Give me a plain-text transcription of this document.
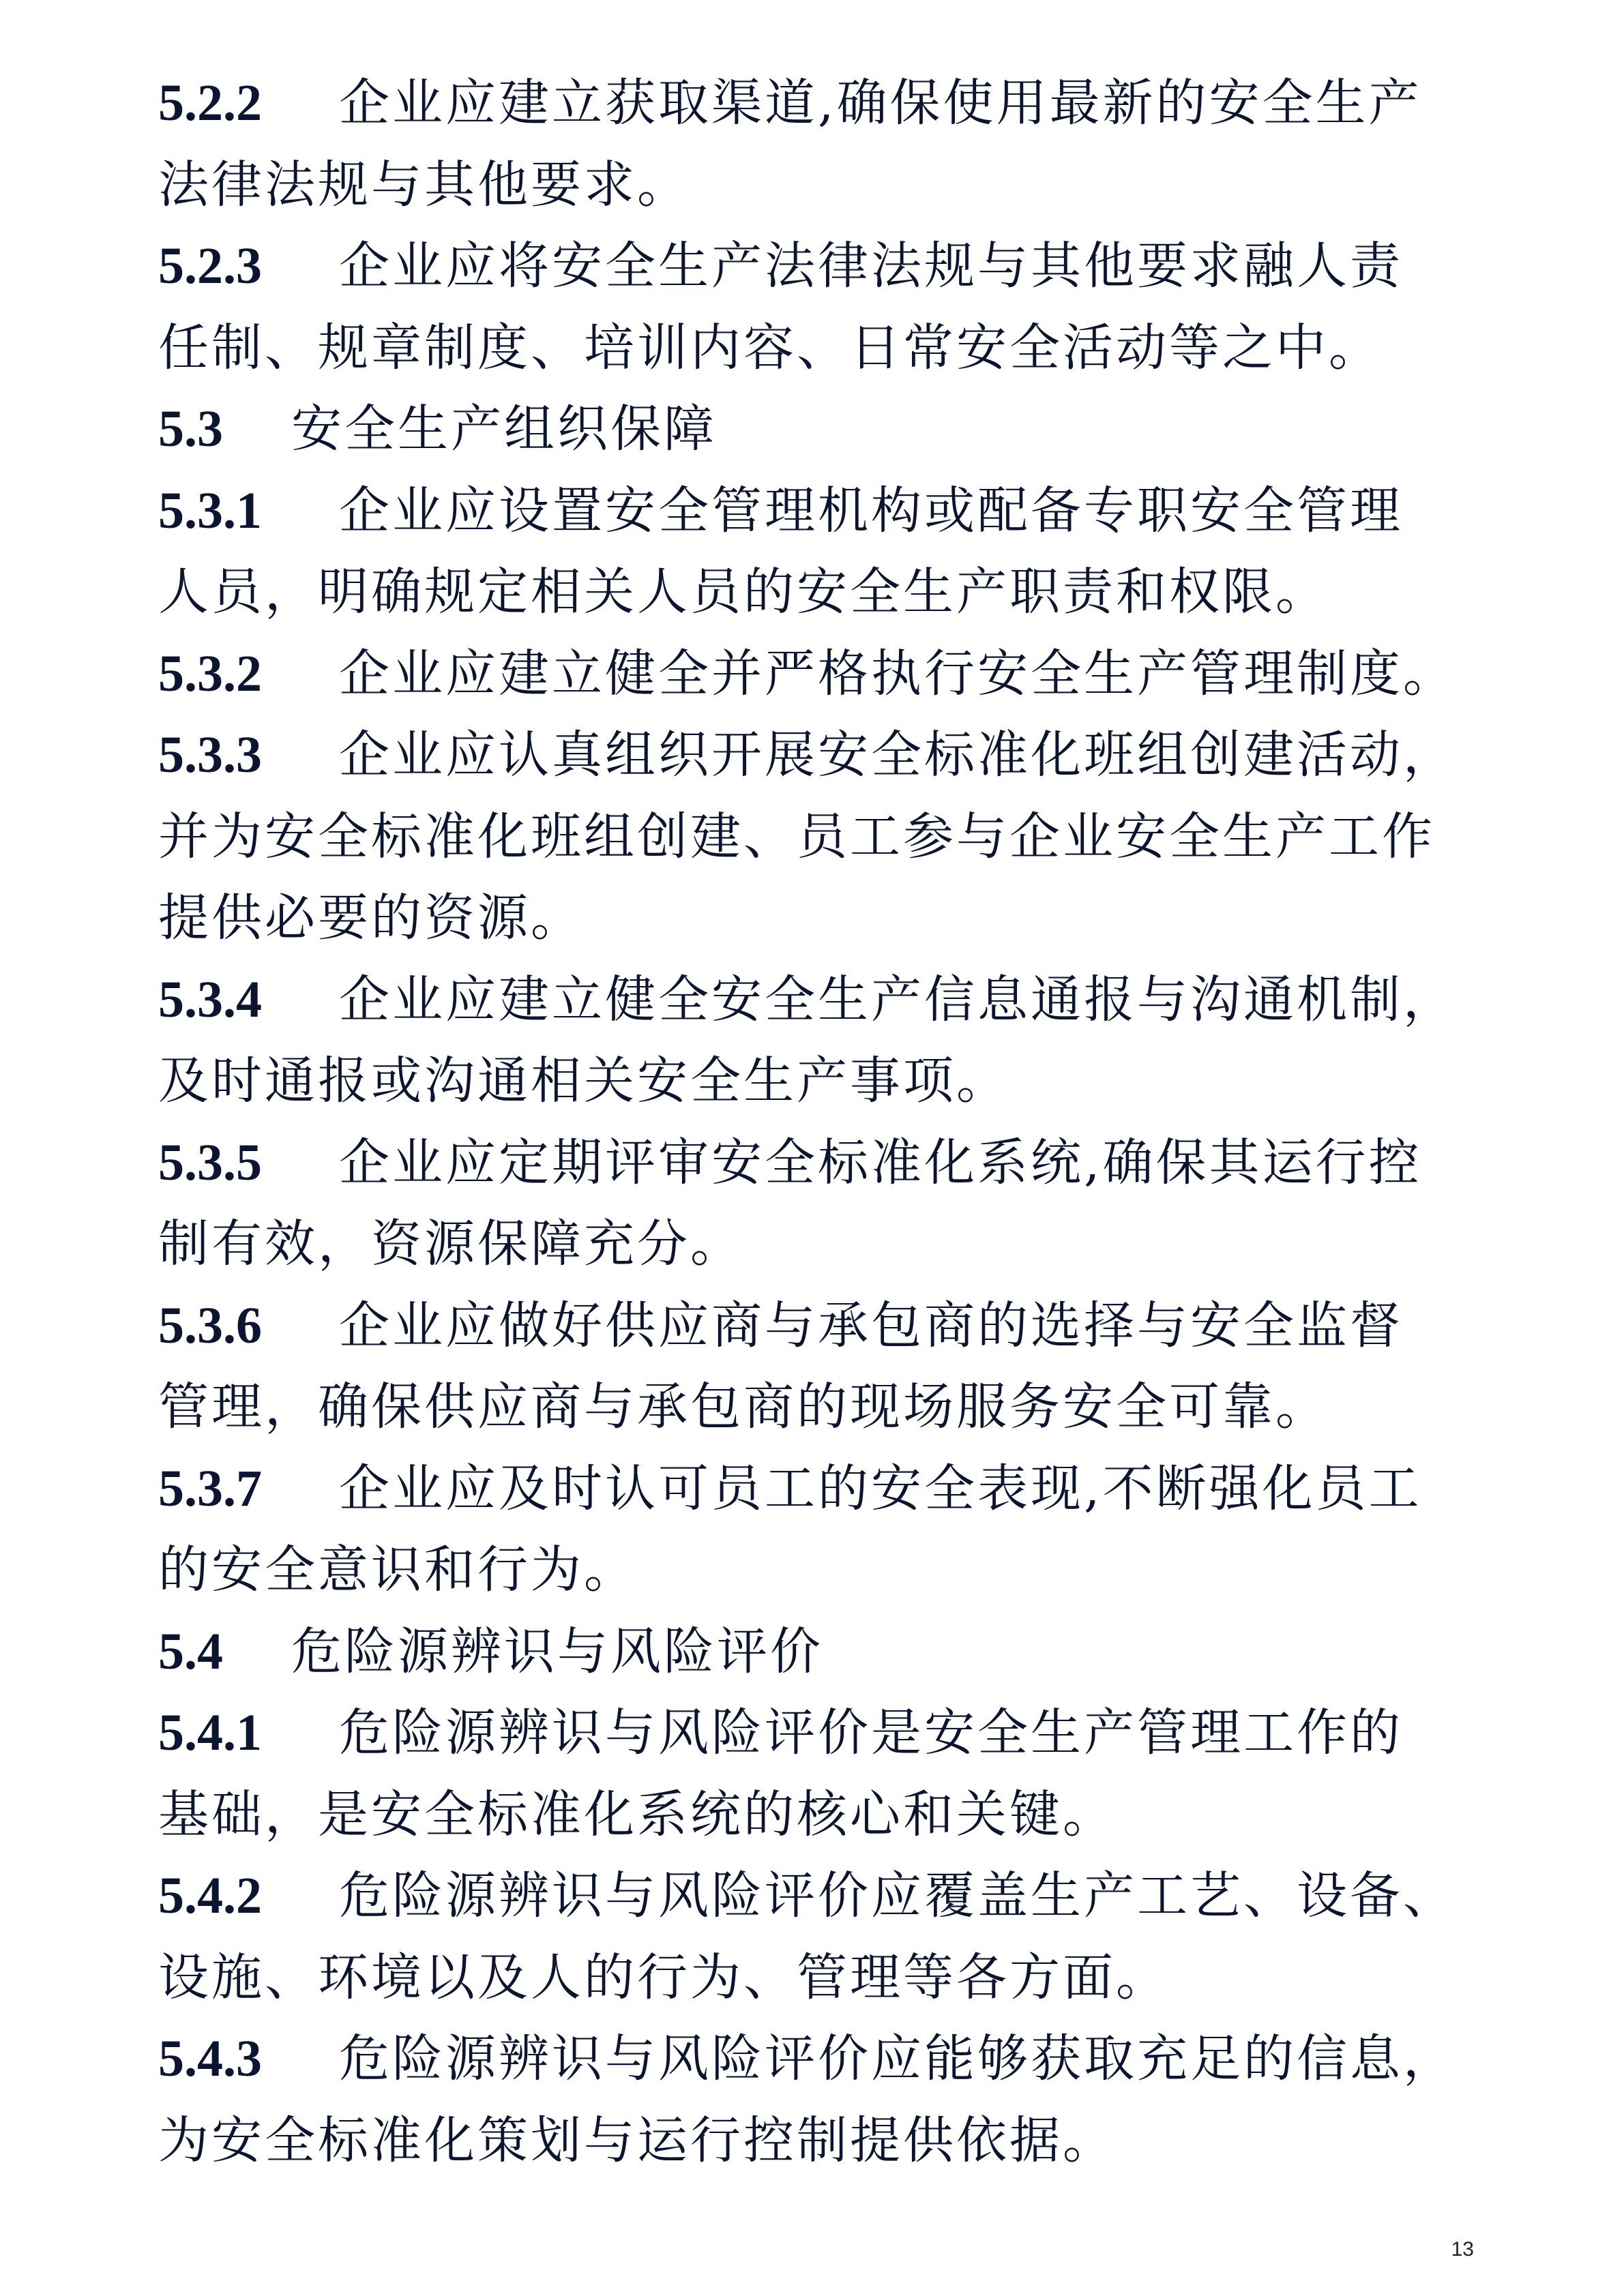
5.2.2 企业应建立获取渠道,确保使用最新的安全生产
法律法规与其他要求。
5.2.3 企业应将安全生产法律法规与其他要求融人责
任制、规章制度、培训内容、日常安全活动等之中。
5.3 安全生产组织保障
5.3.1 企业应设置安全管理机构或配备专职安全管理
人员，明确规定相关人员的安全生产职责和权限。
5.3.2 企业应建立健全并严格执行安全生产管理制度。
5.3.3 企业应认真组织开展安全标准化班组创建活动，
并为安全标准化班组创建、员工参与企业安全生产工作
提供必要的资源。
5.3.4 企业应建立健全安全生产信息通报与沟通机制，
及时通报或沟通相关安全生产事项。
5.3.5 企业应定期评审安全标准化系统,确保其运行控
制有效，资源保障充分。
5.3.6 企业应做好供应商与承包商的选择与安全监督
管理，确保供应商与承包商的现场服务安全可靠。
5.3.7 企业应及时认可员工的安全表现,不断强化员工
的安全意识和行为。
5.4 危险源辨识与风险评价
5.4.1 危险源辨识与风险评价是安全生产管理工作的
基础，是安全标准化系统的核心和关键。
5.4.2 危险源辨识与风险评价应覆盖生产工艺、设备、
设施、环境以及人的行为、管理等各方面。
5.4.3 危险源辨识与风险评价应能够获取充足的信息，
为安全标准化策划与运行控制提供依据。
13
